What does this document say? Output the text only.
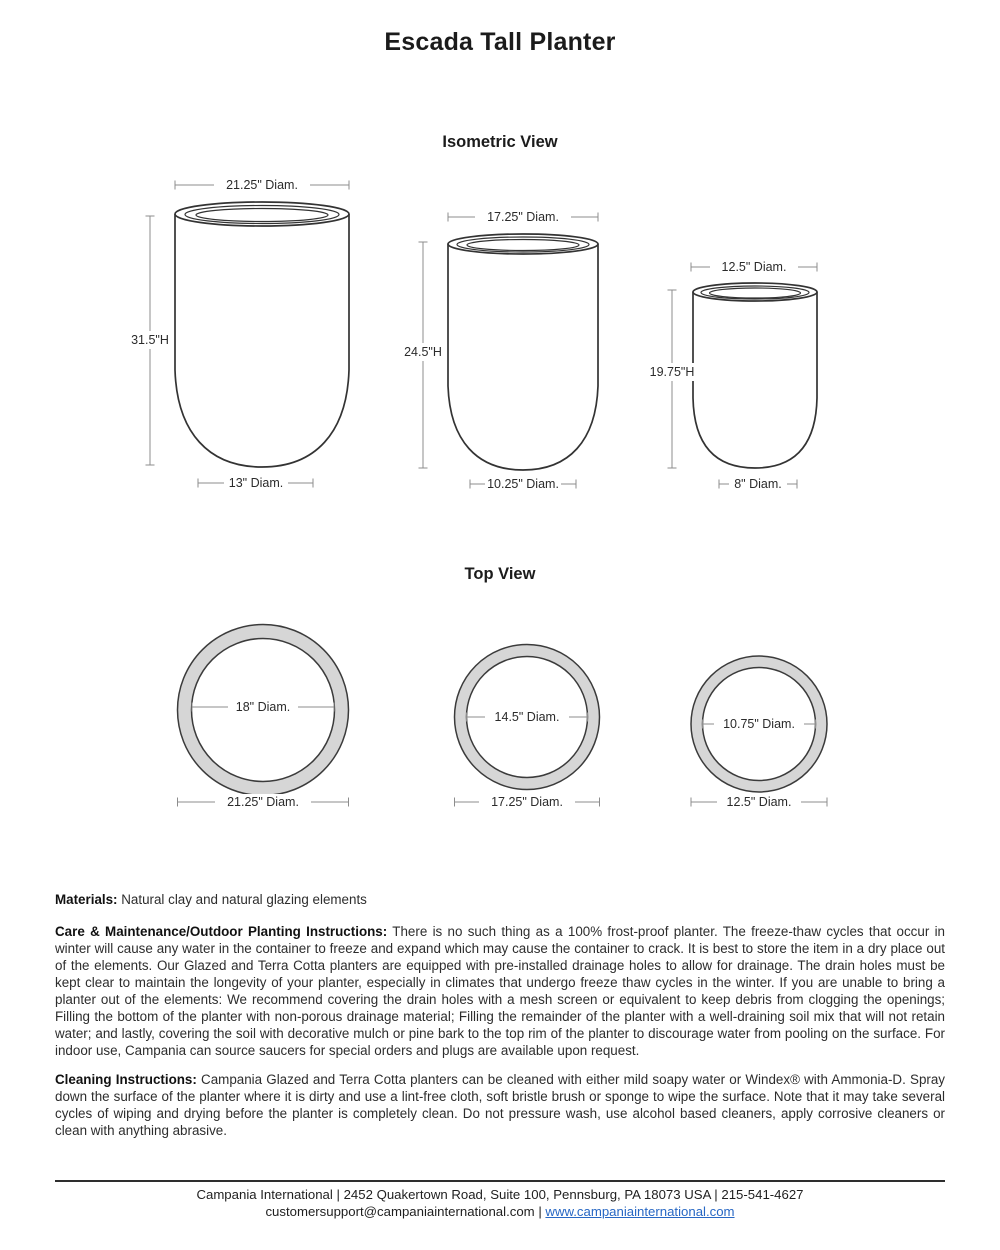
Escada Tall Planter
Isometric View
21.25" Diam.
31.5"H
13" Diam.
17.25" Diam.
24.5"H
10.25" Diam.
12.5" Diam.
19.75"H
8" Diam.
Top View
18" Diam.
21.25" Diam.
14.5" Diam.
17.25" Diam.
10.75" Diam.
12.5" Diam.

Materials: Natural clay and natural glazing elements

Care & Maintenance/Outdoor Planting Instructions: There is no such thing as a 100% frost-proof planter. The freeze-thaw cycles that occur in winter will cause any water in the container to freeze and expand which may cause the container to crack. It is best to store the item in a dry place out of the elements. Our Glazed and Terra Cotta planters are equipped with pre-installed drainage holes to allow for drainage. The drain holes must be kept clear to maintain the longevity of your planter, especially in climates that undergo freeze thaw cycles in the winter. If you are unable to bring a planter out of the elements: We recommend covering the drain holes with a mesh screen or equivalent to keep debris from clogging the openings; Filling the bottom of the planter with non-porous drainage material; Filling the remainder of the planter with a well-draining soil mix that will not retain water; and lastly, covering the soil with decorative mulch or pine bark to the top rim of the planter to discourage water from pooling on the surface. For indoor use, Campania can source saucers for special orders and plugs are available upon request.

Cleaning Instructions: Campania Glazed and Terra Cotta planters can be cleaned with either mild soapy water or Windex® with Ammonia-D. Spray down the surface of the planter where it is dirty and use a lint-free cloth, soft bristle brush or sponge to wipe the surface. Note that it may take several cycles of wiping and drying before the planter is completely clean. Do not pressure wash, use alcohol based cleaners, apply corrosive cleaners or clean with anything abrasive.

Campania International | 2452 Quakertown Road, Suite 100, Pennsburg, PA 18073 USA | 215-541-4627
customersupport@campaniainternational.com | www.campaniainternational.com
